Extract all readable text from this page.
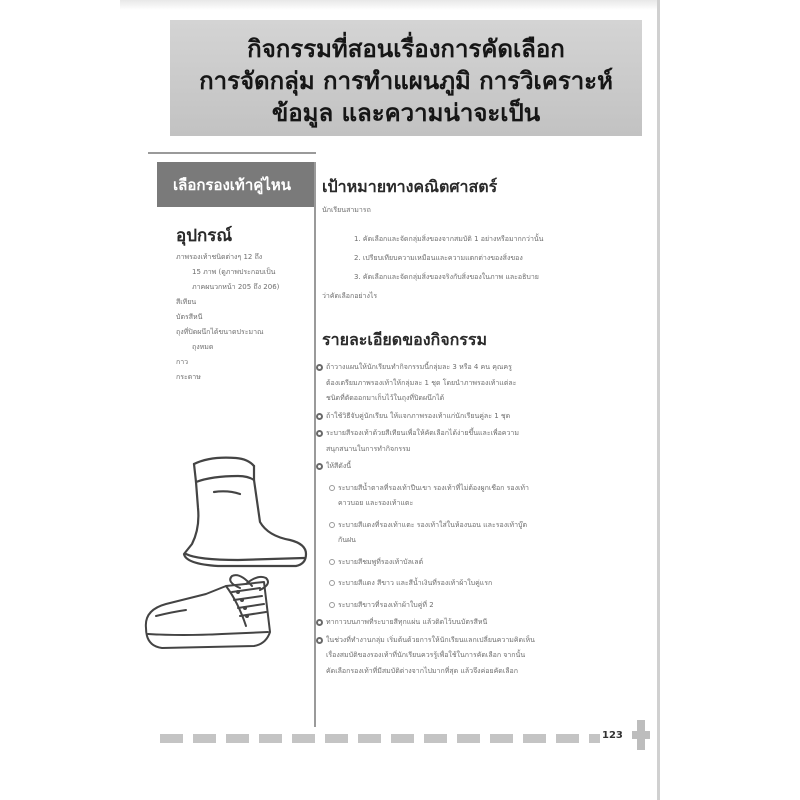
กิจกรรมที่สอนเรื่องการคัดเลือก
การจัดกลุ่ม การทำแผนภูมิ การวิเคราะห์
ข้อมูล และความน่าจะเป็น
เลือกรองเท้าคู่ไหน
อุปกรณ์
ภาพรองเท้าชนิดต่างๆ 12 ถึง
15 ภาพ (ดูภาพประกอบเป็น
ภาคผนวกหน้า 205 ถึง 206)
สีเทียน
บัตรสีหนี
ถุงที่ปิดผนึกได้ขนาดประมาณ
ถุงหมด
กาว
กระดาษ
เป้าหมายทางคณิตศาสตร์
นักเรียนสามารถ
1. คัดเลือกและจัดกลุ่มสิ่งของจากสมบัติ 1 อย่างหรือมากกว่านั้น
2. เปรียบเทียบความเหมือนและความแตกต่างของสิ่งของ
3. คัดเลือกและจัดกลุ่มสิ่งของจริงกับสิ่งของในภาพ และอธิบาย
ว่าคัดเลือกอย่างไร
รายละเอียดของกิจกรรม
ถ้าวางแผนให้นักเรียนทำกิจกรรมนี้กลุ่มละ 3 หรือ 4 คน คุณครู
ต้องเตรียมภาพรองเท้าให้กลุ่มละ 1 ชุด โดยนำภาพรองเท้าแต่ละ
ชนิดที่ตัดออกมาเก็บไว้ในถุงที่ปิดผนึกได้
ถ้าใช้วิธีจับคู่นักเรียน ให้แจกภาพรองเท้าแก่นักเรียนคู่ละ 1 ชุด
ระบายสีรองเท้าด้วยสีเทียนเพื่อให้คัดเลือกได้ง่ายขึ้นและเพื่อความ
สนุกสนานในการทำกิจกรรม
ให้สีดังนี้
ระบายสีน้ำตาลที่รองเท้าปีนเขา รองเท้าที่ไม่ต้องผูกเชือก รองเท้า
คาวบอย และรองเท้าแตะ
ระบายสีแดงที่รองเท้าแตะ รองเท้าใส่ในห้องนอน และรองเท้าบู๊ต
กันฝน
ระบายสีชมพูที่รองเท้าบัลเลต์
ระบายสีแดง สีขาว และสีน้ำเงินที่รองเท้าผ้าใบคู่แรก
ระบายสีขาวที่รองเท้าผ้าใบคู่ที่ 2
ทากาวบนภาพที่ระบายสีทุกแผ่น แล้วติดไว้บนบัตรสีหนี
ในช่วงที่ทำงานกลุ่ม เริ่มต้นด้วยการให้นักเรียนแลกเปลี่ยนความคิดเห็น
เรื่องสมบัติของรองเท้าที่นักเรียนควรรู้เพื่อใช้ในการคัดเลือก จากนั้น
คัดเลือกรองเท้าที่มีสมบัติต่างจากไปมากที่สุด แล้วจึงค่อยคัดเลือก
123
